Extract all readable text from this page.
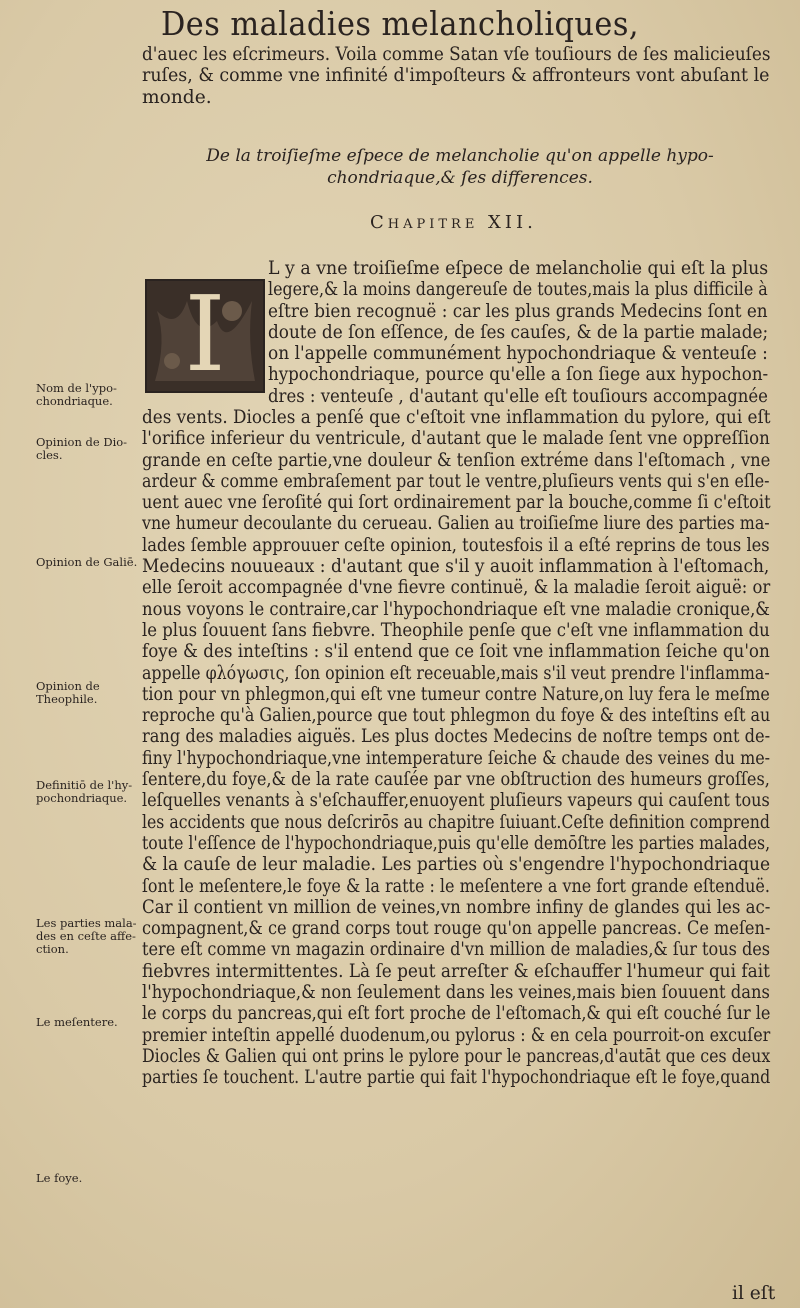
Des maladies melancholiques,
d'auec les eſcrimeurs. Voila comme Satan vſe touſiours de ſes malicieuſes
ruſes, & comme vne infinité d'impoſteurs & affronteurs vont abuſant le
monde.
De la troiſieſme eſpece de melancholie qu'on appelle hypo-
chondriaque,& ſes differences.
Chapitre XII.
I
L y a vne troiſieſme eſpece de melancholie qui eſt la plus
legere,& la moins dangereuſe de toutes,mais la plus difficile à
eſtre bien recognuë : car les plus grands Medecins ſont en
doute de ſon eſſence, de ſes cauſes, & de la partie malade;
on l'appelle communément hypochondriaque & venteuſe :
hypochondriaque, pource qu'elle a ſon ſiege aux hypochon-
dres : venteuſe , d'autant qu'elle eſt touſiours accompagnée
des vents. Diocles a penſé que c'eſtoit vne inflammation du pylore, qui eſt
l'orifice inferieur du ventricule, d'autant que le malade ſent vne oppreſſion
grande en ceſte partie,vne douleur & tenſion extréme dans l'eſtomach , vne
ardeur & comme embraſement par tout le ventre,pluſieurs vents qui s'en eſle-
uent auec vne ſeroſité qui ſort ordinairement par la bouche,comme ſi c'eſtoit
vne humeur decoulante du cerueau. Galien au troiſieſme liure des parties ma-
lades ſemble approuuer ceſte opinion, toutesfois il a eſté reprins de tous les
Medecins nouueaux : d'autant que s'il y auoit inflammation à l'eſtomach,
elle ſeroit accompagnée d'vne fievre continuë, & la maladie ſeroit aiguë: or
nous voyons le contraire,car l'hypochondriaque eſt vne maladie cronique,&
le plus ſouuent ſans fiebvre. Theophile penſe que c'eſt vne inflammation du
foye & des inteſtins : s'il entend que ce ſoit vne inflammation ſeiche qu'on
appelle φλόγωσις, ſon opinion eſt receuable,mais s'il veut prendre l'inflamma-
tion pour vn phlegmon,qui eſt vne tumeur contre Nature,on luy fera le meſme
reproche qu'à Galien,pource que tout phlegmon du foye & des inteſtins eſt au
rang des maladies aiguës. Les plus doctes Medecins de noſtre temps ont de-
finy l'hypochondriaque,vne intemperature ſeiche & chaude des veines du me-
ſentere,du foye,& de la rate cauſée par vne obſtruction des humeurs groſſes,
leſquelles venants à s'eſchauffer,enuoyent pluſieurs vapeurs qui cauſent tous
les accidents que nous deſcrirōs au chapitre ſuiuant.Ceſte definition comprend
toute l'eſſence de l'hypochondriaque,puis qu'elle demōſtre les parties malades,
& la cauſe de leur maladie. Les parties où s'engendre l'hypochondriaque
ſont le meſentere,le foye & la ratte : le meſentere a vne fort grande eſtenduë.
Car il contient vn million de veines,vn nombre infiny de glandes qui les ac-
compagnent,& ce grand corps tout rouge qu'on appelle pancreas. Ce meſen-
tere eſt comme vn magazin ordinaire d'vn million de maladies,& ſur tous des
fiebvres intermittentes. Là ſe peut arreſter & eſchauffer l'humeur qui fait
l'hypochondriaque,& non ſeulement dans les veines,mais bien ſouuent dans
le corps du pancreas,qui eſt fort proche de l'eſtomach,& qui eſt couché ſur le
premier inteſtin appellé duodenum,ou pylorus : & en cela pourroit-on excuſer
Diocles & Galien qui ont prins le pylore pour le pancreas,d'autāt que ces deux
parties ſe touchent. L'autre partie qui fait l'hypochondriaque eſt le foye,quand
il eſt
Nom de l'ypo-
chondriaque.
Opinion de Dio-
cles.
Opinion de Galiē.
Opinion de
Theophile.
Definitiō de l'hy-
pochondriaque.
Les parties mala-
des en ceſte affe-
ction.
Le meſentere.
Le foye.
